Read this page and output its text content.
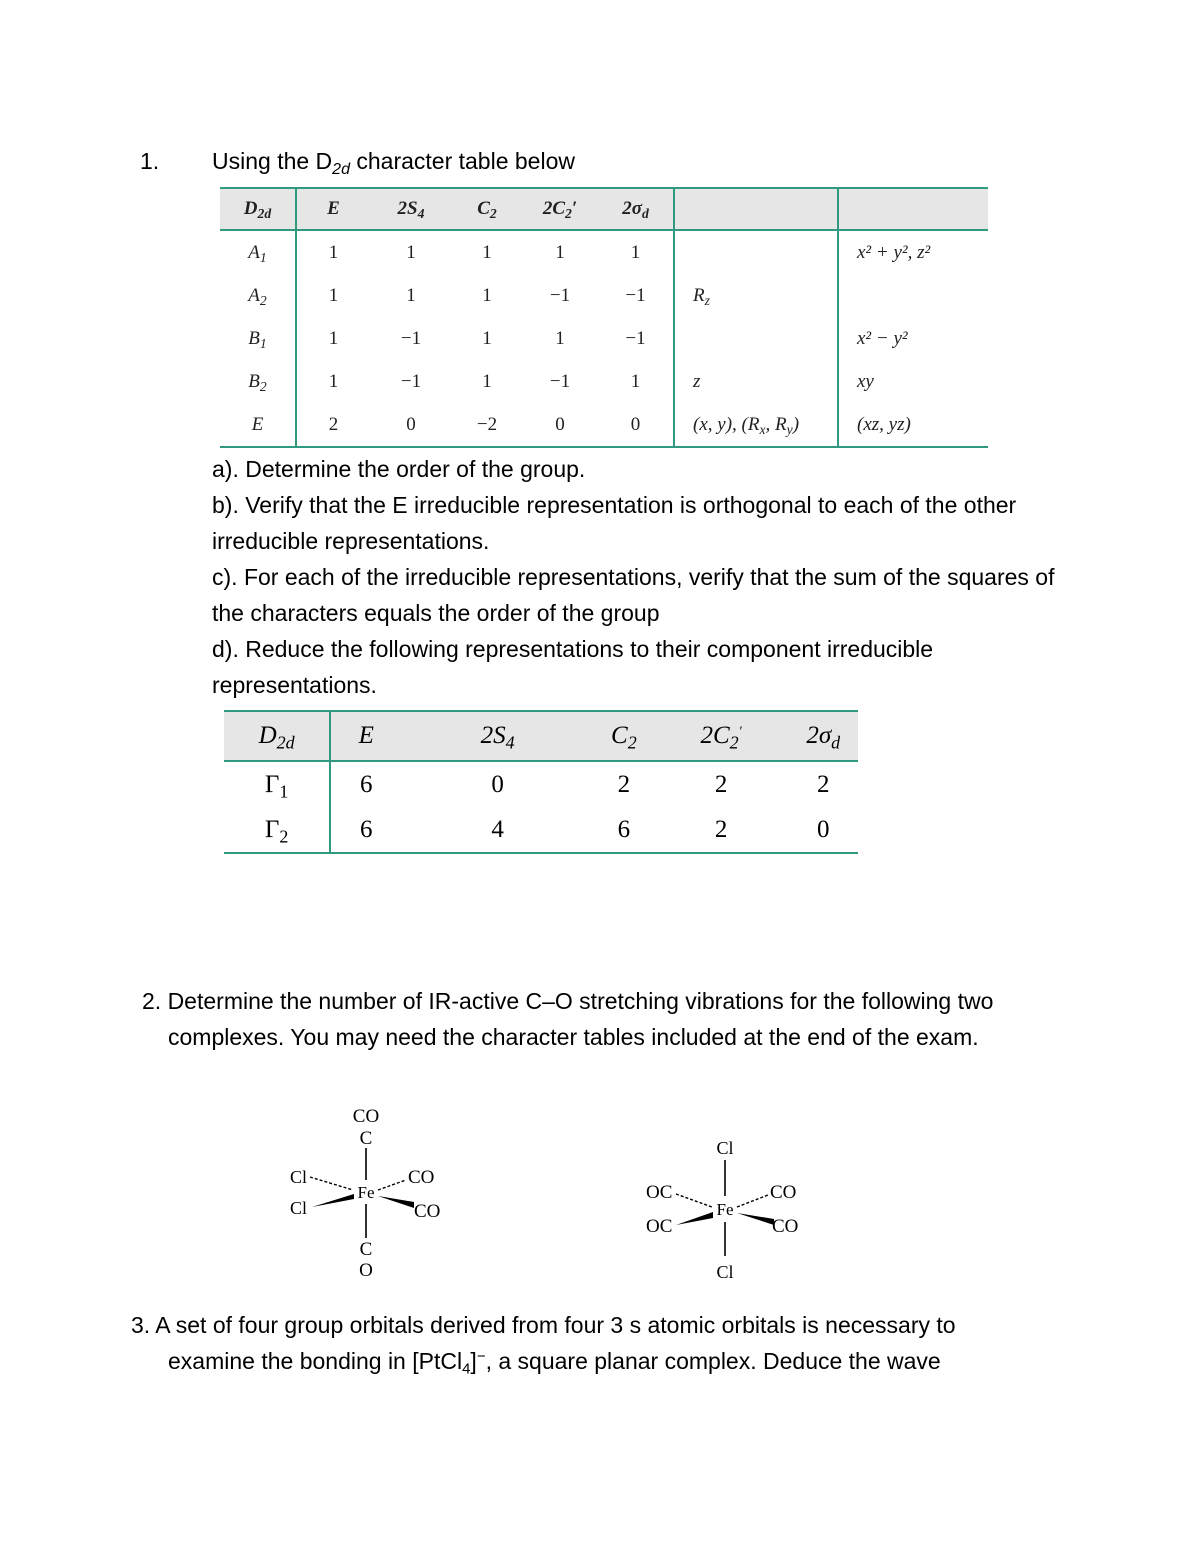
1. Using the $D_{2d}$ character table below
$D_{2d}$	E	$2S_4$	$C_2$	$2C_2'$	$2\sigma_d$		
$A_1$	1	1	1	1	1		x² + y², z²
$A_2$	1	1	1	−1	−1	$R_z$	
$B_1$	1	−1	1	1	−1		x² − y²
$B_2$	1	−1	1	−1	1	z	xy
E	2	0	−2	0	0	(x, y), ($R_x$, $R_y$)	(xz, yz)
a). Determine the order of the group.
b). Verify that the E irreducible representation is orthogonal to each of the other irreducible representations.
c). For each of the irreducible representations, verify that the sum of the squares of the characters equals the order of the group
d). Reduce the following representations to their component irreducible representations.
$D_{2d}$	E	$2S_4$	$C_2$	$2C_2'$	$2\sigma_d$
$\Gamma_1$	6	0	2	2	2
$\Gamma_2$	6	4	6	2	0
2. Determine the number of IR-active C–O stretching vibrations for the following two complexes. You may need the character tables included at the end of the exam.
CO
C
Fe
C
O
Cl
Cl
CO
CO
Cl
Fe
Cl
OC
OC
CO
CO
3. A set of four group orbitals derived from four 3 s atomic orbitals is necessary to
examine the bonding in [PtCl$_4$]−, a square planar complex. Deduce the wave
